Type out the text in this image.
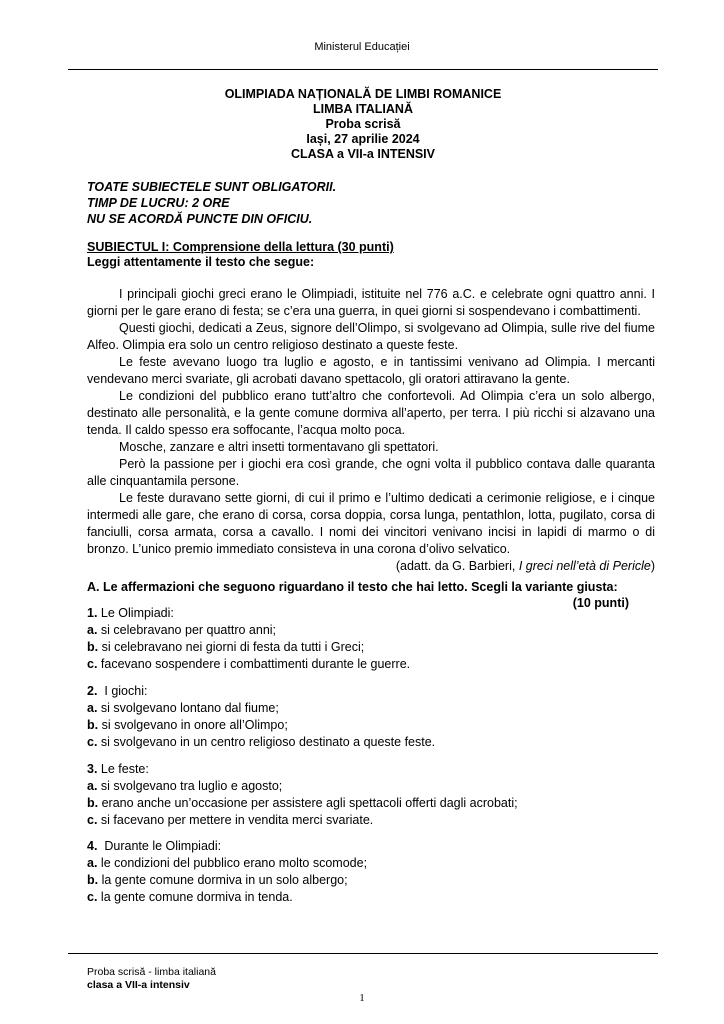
Ministerul Educației
OLIMPIADA NAȚIONALĂ DE LIMBI ROMANICE
LIMBA ITALIANĂ
Proba scrisă
Iași, 27 aprilie 2024
CLASA a VII-a INTENSIV
TOATE SUBIECTELE SUNT OBLIGATORII.
TIMP DE LUCRU: 2 ORE
NU SE ACORDĂ PUNCTE DIN OFICIU.
SUBIECTUL I: Comprensione della lettura (30 punti)
Leggi attentamente il testo che segue:

I principali giochi greci erano le Olimpiadi, istituite nel 776 a.C. e celebrate ogni quattro anni. I giorni per le gare erano di festa; se c’era una guerra, in quei giorni si sospendevano i combattimenti.

Questi giochi, dedicati a Zeus, signore dell’Olimpo, si svolgevano ad Olimpia, sulle rive del fiume Alfeo. Olimpia era solo un centro religioso destinato a queste feste.

Le feste avevano luogo tra luglio e agosto, e in tantissimi venivano ad Olimpia. I mercanti vendevano merci svariate, gli acrobati davano spettacolo, gli oratori attiravano la gente.

Le condizioni del pubblico erano tutt’altro che confortevoli. Ad Olimpia c’era un solo albergo, destinato alle personalità, e la gente comune dormiva all’aperto, per terra. I più ricchi si alzavano una tenda. Il caldo spesso era soffocante, l’acqua molto poca.

Mosche, zanzare e altri insetti tormentavano gli spettatori.

Però la passione per i giochi era così grande, che ogni volta il pubblico contava dalle quaranta alle cinquantamila persone.

Le feste duravano sette giorni, di cui il primo e l’ultimo dedicati a cerimonie religiose, e i cinque intermedi alle gare, che erano di corsa, corsa doppia, corsa lunga, pentathlon, lotta, pugilato, corsa di fanciulli, corsa armata, corsa a cavallo. I nomi dei vincitori venivano incisi in lapidi di marmo o di bronzo. L’unico premio immediato consisteva in una corona d’olivo selvatico.

(adatt. da G. Barbieri, I greci nell’età di Pericle)

A. Le affermazioni che seguono riguardano il testo che hai letto. Scegli la variante giusta:
(10 punti)
1. Le Olimpiadi:
a. si celebravano per quattro anni;
b. si celebravano nei giorni di festa da tutti i Greci;
c. facevano sospendere i combattimenti durante le guerre.
2.  I giochi:
a. si svolgevano lontano dal fiume;
b. si svolgevano in onore all’Olimpo;
c. si svolgevano in un centro religioso destinato a queste feste.
3. Le feste:
a. si svolgevano tra luglio e agosto;
b. erano anche un’occasione per assistere agli spettacoli offerti dagli acrobati;
c. si facevano per mettere in vendita merci svariate.
4.  Durante le Olimpiadi:
a. le condizioni del pubblico erano molto scomode;
b. la gente comune dormiva in un solo albergo;
c. la gente comune dormiva in tenda.
Proba scrisă - limba italiană
clasa a VII-a intensiv
1
